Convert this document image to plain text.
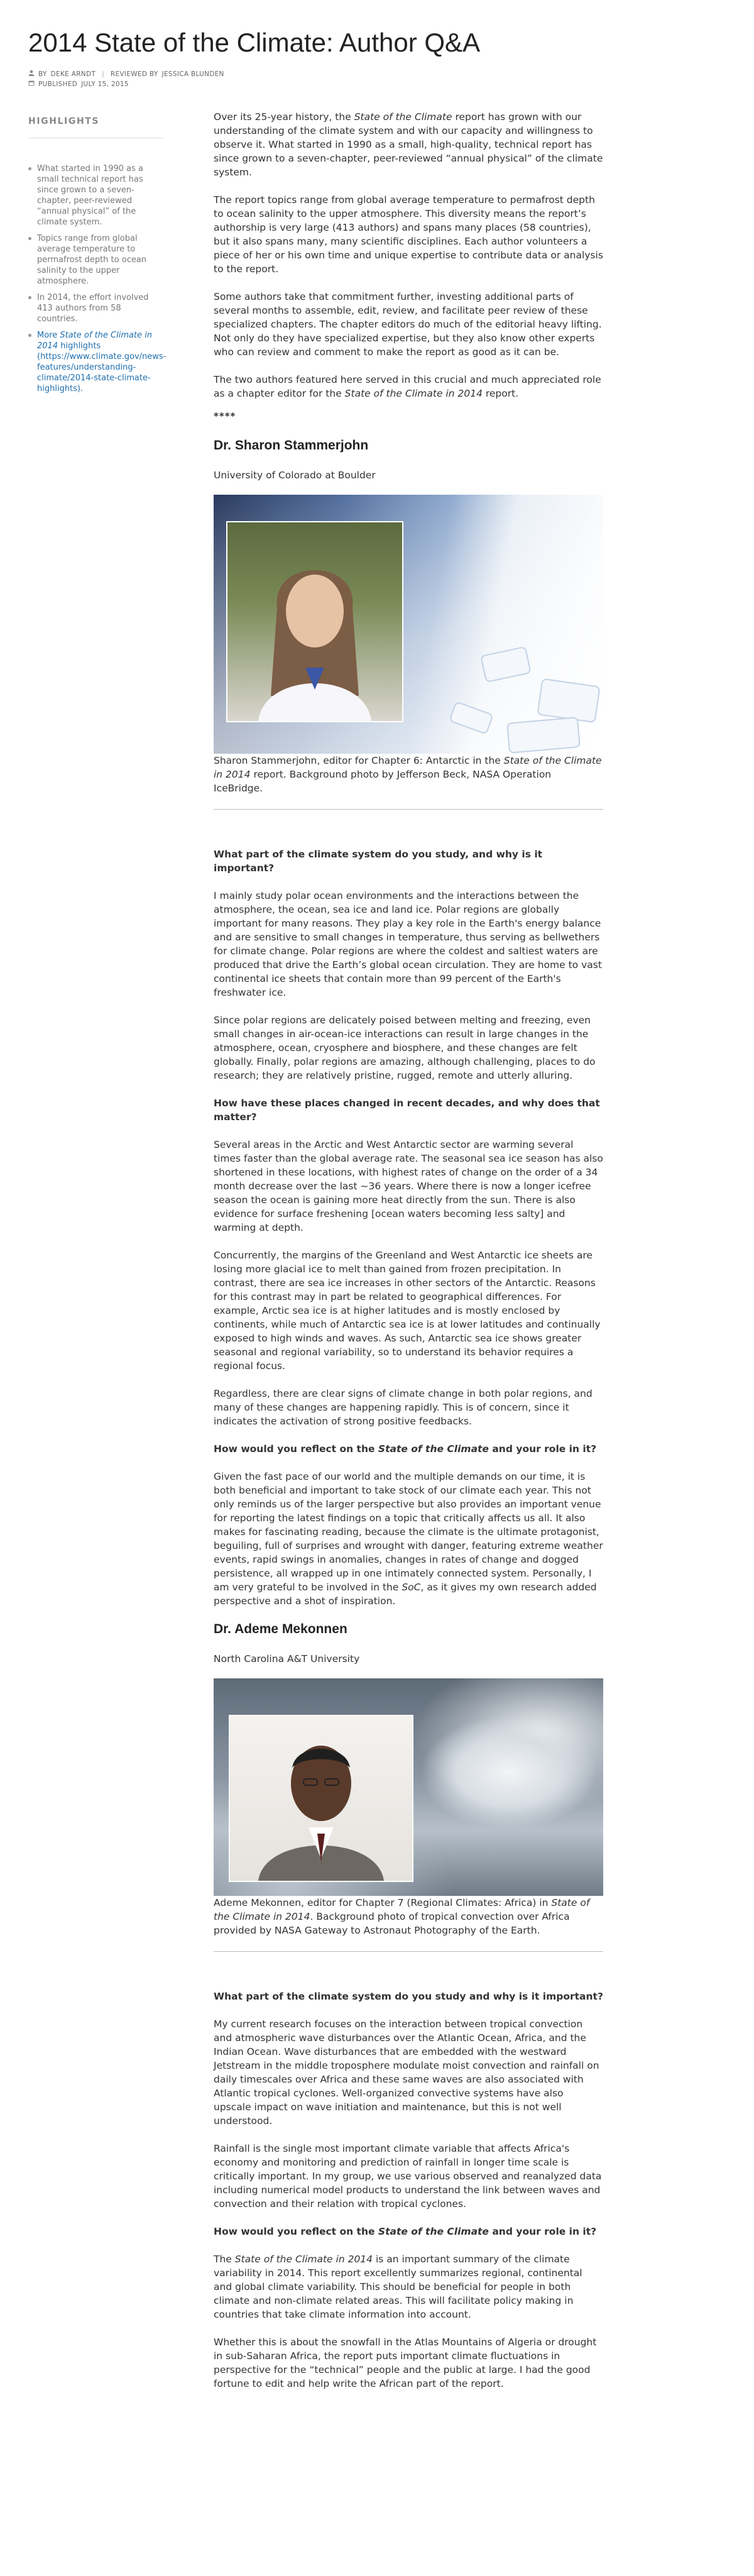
2014 State of the Climate: Author Q&A
BY DEKE ARNDT | REVIEWED BY JESSICA BLUNDEN
PUBLISHED JULY 15, 2015
HIGHLIGHTS
What started in 1990 as a small technical report has since grown to a seven-chapter, peer-reviewed “annual physical” of the climate system.
Topics range from global average temperature to permafrost depth to ocean salinity to the upper atmosphere.
In 2014, the effort involved 413 authors from 58 countries.
More State of the Climate in 2014 highlights (https://www.climate.gov/news-features/understanding-climate/2014-state-climate-highlights).

Over its 25-year history, the State of the Climate report has grown with our understanding of the climate system and with our capacity and willingness to observe it. What started in 1990 as a small, high-quality, technical report has since grown to a seven-chapter, peer-reviewed “annual physical” of the climate system.

The report topics range from global average temperature to permafrost depth to ocean salinity to the upper atmosphere. This diversity means the report’s authorship is very large (413 authors) and spans many places (58 countries), but it also spans many, many scientific disciplines. Each author volunteers a piece of her or his own time and unique expertise to contribute data or analysis to the report.

Some authors take that commitment further, investing additional parts of several months to assemble, edit, review, and facilitate peer review of these specialized chapters. The chapter editors do much of the editorial heavy lifting. Not only do they have specialized expertise, but they also know other experts who can review and comment to make the report as good as it can be.

The two authors featured here served in this crucial and much appreciated role as a chapter editor for the State of the Climate in 2014 report.

****
Dr. Sharon Stammerjohn

University of Colorado at Boulder

Sharon Stammerjohn, editor for Chapter 6: Antarctic in the State of the Climate in 2014 report. Background photo by Jefferson Beck, NASA Operation IceBridge.

What part of the climate system do you study, and why is it important?

I mainly study polar ocean environments and the interactions between the atmosphere, the ocean, sea ice and land ice. Polar regions are globally important for many reasons. They play a key role in the Earth's energy balance and are sensitive to small changes in temperature, thus serving as bellwethers for climate change. Polar regions are where the coldest and saltiest waters are produced that drive the Earth’s global ocean circulation. They are home to vast continental ice sheets that contain more than 99 percent of the Earth's freshwater ice.

Since polar regions are delicately poised between melting and freezing, even small changes in air-ocean-ice interactions can result in large changes in the atmosphere, ocean, cryosphere and biosphere, and these changes are felt globally. Finally, polar regions are amazing, although challenging, places to do research; they are relatively pristine, rugged, remote and utterly alluring.

How have these places changed in recent decades, and why does that matter?

Several areas in the Arctic and West Antarctic sector are warming several times faster than the global average rate. The seasonal sea ice season has also shortened in these locations, with highest rates of change on the order of a 34 month decrease over the last ~36 years. Where there is now a longer icefree season the ocean is gaining more heat directly from the sun. There is also evidence for surface freshening [ocean waters becoming less salty] and warming at depth.

Concurrently, the margins of the Greenland and West Antarctic ice sheets are losing more glacial ice to melt than gained from frozen precipitation. In contrast, there are sea ice increases in other sectors of the Antarctic. Reasons for this contrast may in part be related to geographical differences. For example, Arctic sea ice is at higher latitudes and is mostly enclosed by continents, while much of Antarctic sea ice is at lower latitudes and continually exposed to high winds and waves. As such, Antarctic sea ice shows greater seasonal and regional variability, so to understand its behavior requires a regional focus.

Regardless, there are clear signs of climate change in both polar regions, and many of these changes are happening rapidly. This is of concern, since it indicates the activation of strong positive feedbacks.

How would you reflect on the State of the Climate and your role in it?

Given the fast pace of our world and the multiple demands on our time, it is both beneficial and important to take stock of our climate each year. This not only reminds us of the larger perspective but also provides an important venue for reporting the latest findings on a topic that critically affects us all. It also makes for fascinating reading, because the climate is the ultimate protagonist, beguiling, full of surprises and wrought with danger, featuring extreme weather events, rapid swings in anomalies, changes in rates of change and dogged persistence, all wrapped up in one intimately connected system. Personally, I am very grateful to be involved in the SoC, as it gives my own research added perspective and a shot of inspiration.

Dr. Ademe Mekonnen

North Carolina A&T University

Ademe Mekonnen, editor for Chapter 7 (Regional Climates: Africa) in State of the Climate in 2014. Background photo of tropical convection over Africa provided by NASA Gateway to Astronaut Photography of the Earth.

What part of the climate system do you study and why is it important?

My current research focuses on the interaction between tropical convection and atmospheric wave disturbances over the Atlantic Ocean, Africa, and the Indian Ocean. Wave disturbances that are embedded with the westward Jetstream in the middle troposphere modulate moist convection and rainfall on daily timescales over Africa and these same waves are also associated with Atlantic tropical cyclones. Well-organized convective systems have also upscale impact on wave initiation and maintenance, but this is not well understood.

Rainfall is the single most important climate variable that affects Africa's economy and monitoring and prediction of rainfall in longer time scale is critically important. In my group, we use various observed and reanalyzed data including numerical model products to understand the link between waves and convection and their relation with tropical cyclones.

How would you reflect on the State of the Climate and your role in it?

The State of the Climate in 2014 is an important summary of the climate variability in 2014. This report excellently summarizes regional, continental and global climate variability. This should be beneficial for people in both climate and non-climate related areas. This will facilitate policy making in countries that take climate information into account.

Whether this is about the snowfall in the Atlas Mountains of Algeria or drought in sub-Saharan Africa, the report puts important climate fluctuations in perspective for the “technical” people and the public at large. I had the good fortune to edit and help write the African part of the report.
